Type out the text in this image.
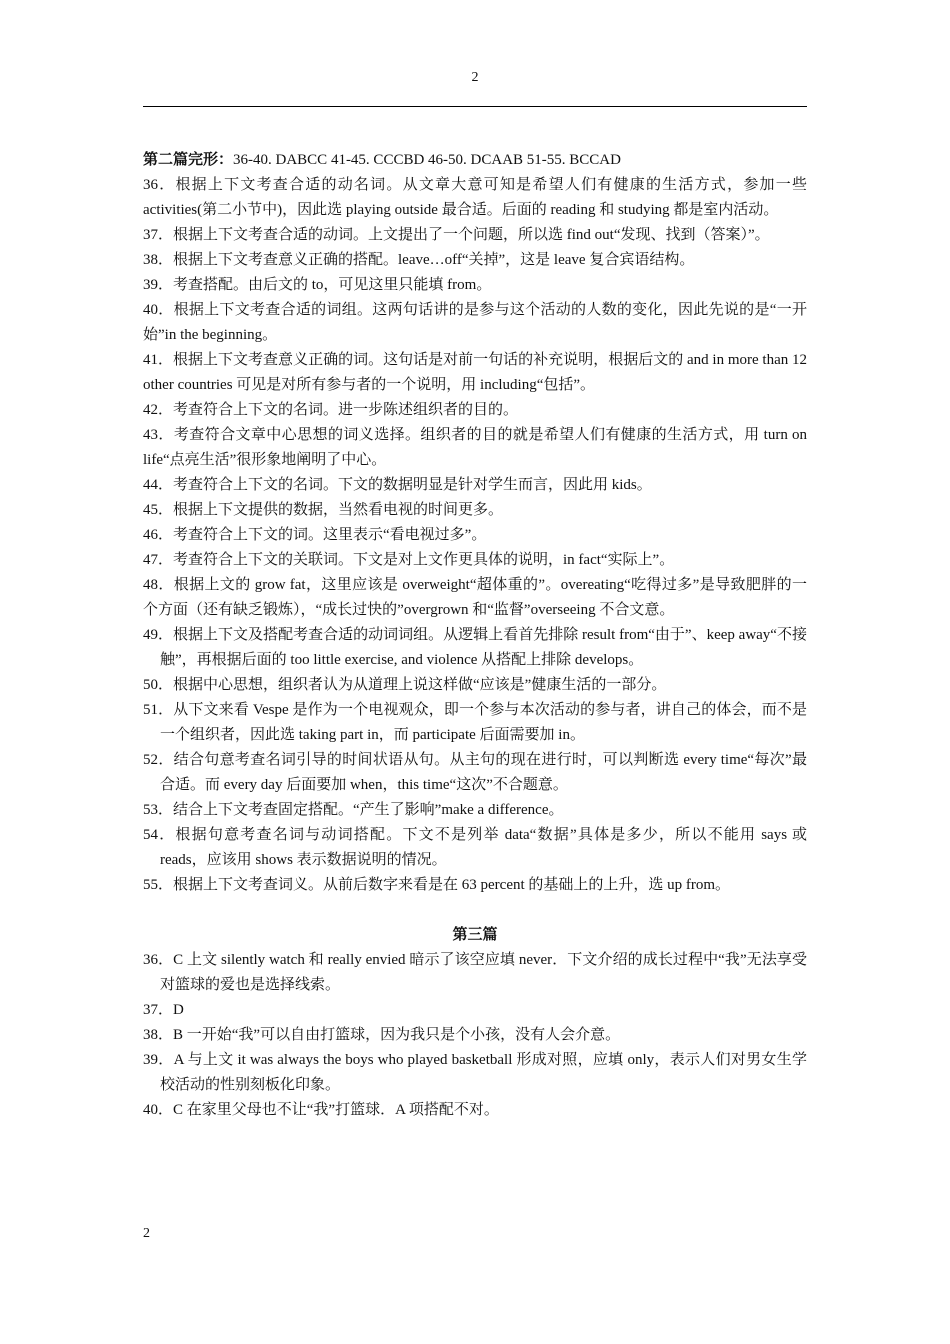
2

第二篇完形：36-40. DABCC 41-45. CCCBD 46-50. DCAAB 51-55. BCCAD

36．根据上下文考查合适的动名词。从文章大意可知是希望人们有健康的生活方式，参加一些 activities(第二小节中)，因此选 playing outside 最合适。后面的 reading 和 studying 都是室内活动。

37．根据上下文考查合适的动词。上文提出了一个问题，所以选 find out“发现、找到（答案）”。

38．根据上下文考查意义正确的搭配。leave…off“关掉”，这是 leave 复合宾语结构。

39．考查搭配。由后文的 to，可见这里只能填 from。

40．根据上下文考查合适的词组。这两句话讲的是参与这个活动的人数的变化，因此先说的是“一开始”in the beginning。

41．根据上下文考查意义正确的词。这句话是对前一句话的补充说明，根据后文的 and in more than 12 other countries 可见是对所有参与者的一个说明，用 including“包括”。

42．考查符合上下文的名词。进一步陈述组织者的目的。

43．考查符合文章中心思想的词义选择。组织者的目的就是希望人们有健康的生活方式，用 turn on life“点亮生活”很形象地阐明了中心。

44．考查符合上下文的名词。下文的数据明显是针对学生而言，因此用 kids。

45．根据上下文提供的数据，当然看电视的时间更多。

46．考查符合上下文的词。这里表示“看电视过多”。

47．考查符合上下文的关联词。下文是对上文作更具体的说明，in fact“实际上”。

48．根据上文的 grow fat，这里应该是 overweight“超体重的”。overeating“吃得过多”是导致肥胖的一个方面（还有缺乏锻炼），“成长过快的”overgrown 和“监督”overseeing 不合文意。

49．根据上下文及搭配考查合适的动词词组。从逻辑上看首先排除 result from“由于”、keep away“不接触”，再根据后面的 too little exercise, and violence 从搭配上排除 develops。

50．根据中心思想，组织者认为从道理上说这样做“应该是”健康生活的一部分。

51．从下文来看 Vespe 是作为一个电视观众，即一个参与本次活动的参与者，讲自己的体会，而不是一个组织者，因此选 taking part in，而 participate 后面需要加 in。

52．结合句意考查名词引导的时间状语从句。从主句的现在进行时，可以判断选 every time“每次”最合适。而 every day 后面要加 when，this time“这次”不合题意。

53．结合上下文考查固定搭配。“产生了影响”make a difference。

54．根据句意考查名词与动词搭配。下文不是列举 data“数据”具体是多少，所以不能用 says 或 reads，应该用 shows 表示数据说明的情况。

55．根据上下文考查词义。从前后数字来看是在 63 percent 的基础上的上升，选 up from。

第三篇

36．C 上文 silently watch 和 really envied 暗示了该空应填 never．下文介绍的成长过程中“我”无法享受对篮球的爱也是选择线索。

37．D

38．B 一开始“我”可以自由打篮球，因为我只是个小孩，没有人会介意。

39．A 与上文 it was always the boys who played basketball 形成对照，应填 only，表示人们对男女生学校活动的性别刻板化印象。

40．C 在家里父母也不让“我”打篮球．A 项搭配不对。

2
